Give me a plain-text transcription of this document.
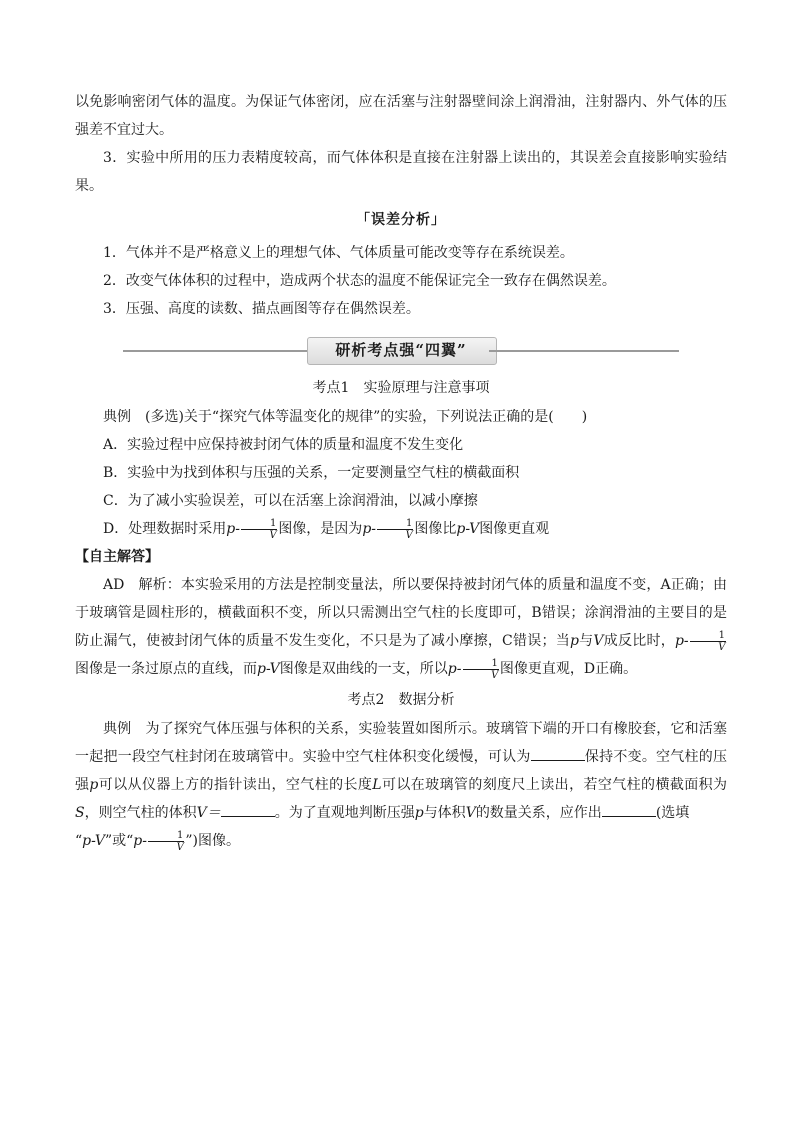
以免影响密闭气体的温度。为保证气体密闭，应在活塞与注射器壁间涂上润滑油，注射器内、外气体的压强差不宜过大。

3．实验中所用的压力表精度较高，而气体体积是直接在注射器上读出的，其误差会直接影响实验结果。

「误差分析」

1．气体并不是严格意义上的理想气体、气体质量可能改变等存在系统误差。

2．改变气体体积的过程中，造成两个状态的温度不能保证完全一致存在偶然误差。

3．压强、高度的读数、描点画图等存在偶然误差。

研析考点强“四翼”
考点1　实验原理与注意事项

典例　(多选)关于“探究气体等温变化的规律”的实验，下列说法正确的是(　　)

A．实验过程中应保持被封闭气体的质量和温度不发生变化

B．实验中为找到体积与压强的关系，一定要测量空气柱的横截面积

C．为了减小实验误差，可以在活塞上涂润滑油，以减小摩擦

D．处理数据时采用$p- \frac{1}{V}$ 图像，是因为$p- \frac{1}{V}$ 图像比p-V图像更直观

【自主解答】

AD　解析：本实验采用的方法是控制变量法，所以要保持被封闭气体的质量和温度不变，A正确；由于玻璃管是圆柱形的，横截面积不变，所以只需测出空气柱的长度即可，B错误；涂润滑油的主要目的是防止漏气，使被封闭气体的质量不发生变化，不只是为了减小摩擦，C错误；当p与V成反比时，$p- \frac{1}{V}$
图像是一条过原点的直线，而p-V图像是双曲线的一支，所以$p- \frac{1}{V}$ 图像更直观，D正确。

考点2　数据分析

典例　为了探究气体压强与体积的关系，实验装置如图所示。玻璃管下端的开口有橡胶套，它和活塞一起把一段空气柱封闭在玻璃管中。实验中空气柱体积变化缓慢，可认为	保持不变。空气柱的压强p可以从仪器上方的指针读出，空气柱的长度L可以在玻璃管的刻度尺上读出，若空气柱的横截面积为S，则空气柱的体积V＝	。为了直观地判断压强p与体积V的数量关系，应作出	(选填
“p-V”或“$p- \frac{1}{V}$ ”)图像。
